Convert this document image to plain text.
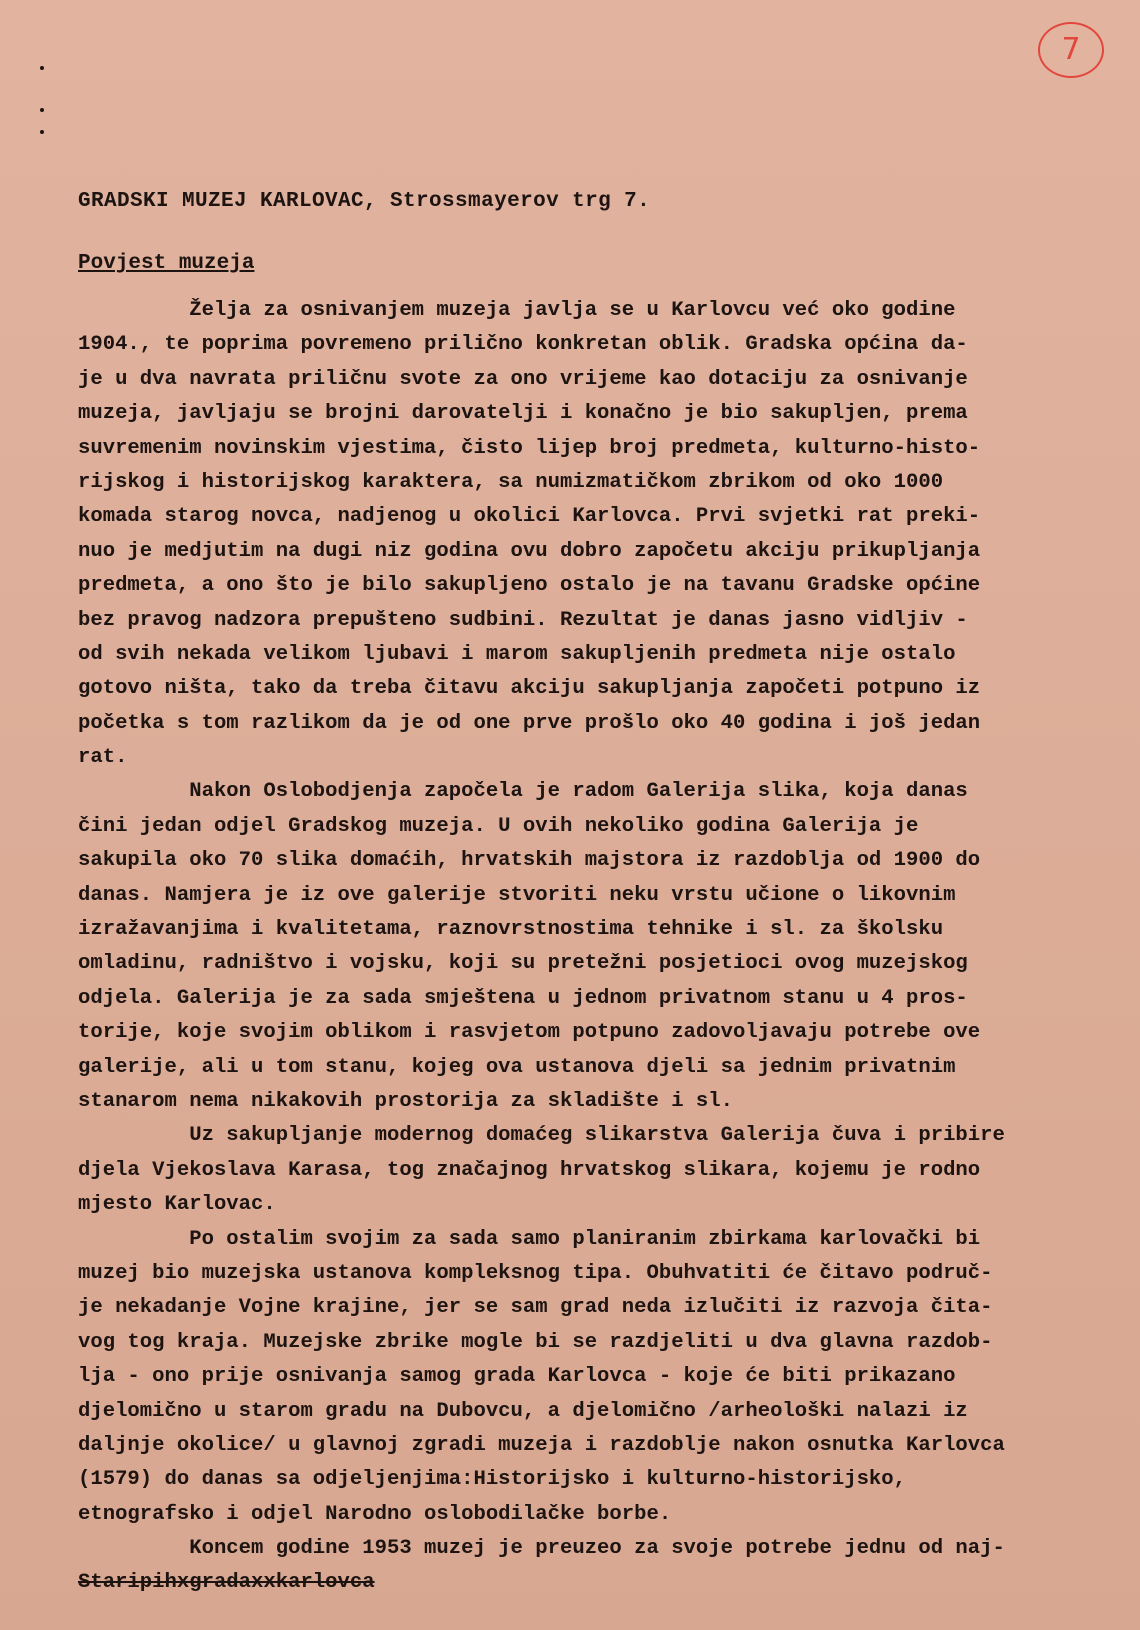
7
GRADSKI MUZEJ KARLOVAC, Strossmayerov trg 7.
Povjest muzeja
Želja za osnivanjem muzeja javlja se u Karlovcu već oko godine
1904., te poprima povremeno prilično konkretan oblik. Gradska općina da-
je u dva navrata priličnu svote za ono vrijeme kao dotaciju za osnivanje
muzeja, javljaju se brojni darovatelji i konačno je bio sakupljen, prema
suvremenim novinskim vjestima, čisto lijep broj predmeta, kulturno-histo-
rijskog i historijskog karaktera, sa numizmatičkom zbrikom od oko 1000
komada starog novca, nadjenog u okolici Karlovca. Prvi svjetki rat preki-
nuo je medjutim na dugi niz godina ovu dobro započetu akciju prikupljanja
predmeta, a ono što je bilo sakupljeno ostalo je na tavanu Gradske općine
bez pravog nadzora prepušteno sudbini. Rezultat je danas jasno vidljiv -
od svih nekada velikom ljubavi i marom sakupljenih predmeta nije ostalo
gotovo ništa, tako da treba čitavu akciju sakupljanja započeti potpuno iz
početka s tom razlikom da je od one prve prošlo oko 40 godina i još jedan
rat.
Nakon Oslobodjenja započela je radom Galerija slika, koja danas
čini jedan odjel Gradskog muzeja. U ovih nekoliko godina Galerija je
sakupila oko 70 slika domaćih, hrvatskih majstora iz razdoblja od 1900 do
danas. Namjera je iz ove galerije stvoriti neku vrstu učione o likovnim
izražavanjima i kvalitetama, raznovrstnostima tehnike i sl. za školsku
omladinu, radništvo i vojsku, koji su pretežni posjetioci ovog muzejskog
odjela. Galerija je za sada smještena u jednom privatnom stanu u 4 pros-
torije, koje svojim oblikom i rasvjetom potpuno zadovoljavaju potrebe ove
galerije, ali u tom stanu, kojeg ova ustanova djeli sa jednim privatnim
stanarom nema nikakovih prostorija za skladište i sl.
Uz sakupljanje modernog domaćeg slikarstva Galerija čuva i pribire
djela Vjekoslava Karasa, tog značajnog hrvatskog slikara, kojemu je rodno
mjesto Karlovac.
Po ostalim svojim za sada samo planiranim zbirkama karlovački bi
muzej bio muzejska ustanova kompleksnog tipa. Obuhvatiti će čitavo područ-
je nekadanje Vojne krajine, jer se sam grad neda izlučiti iz razvoja čita-
vog tog kraja. Muzejske zbrike mogle bi se razdjeliti u dva glavna razdob-
lja - ono prije osnivanja samog grada Karlovca - koje će biti prikazano
djelomično u starom gradu na Dubovcu, a djelomično /arheološki nalazi iz
daljnje okolice/ u glavnoj zgradi muzeja i razdoblje nakon osnutka Karlovca
(1579) do danas sa odjeljenjima:Historijsko i kulturno-historijsko,
etnografsko i odjel Narodno oslobodilačke borbe.
Koncem godine 1953 muzej je preuzeo za svoje potrebe jednu od naj-
Staripihxgradaxxkarlovca
